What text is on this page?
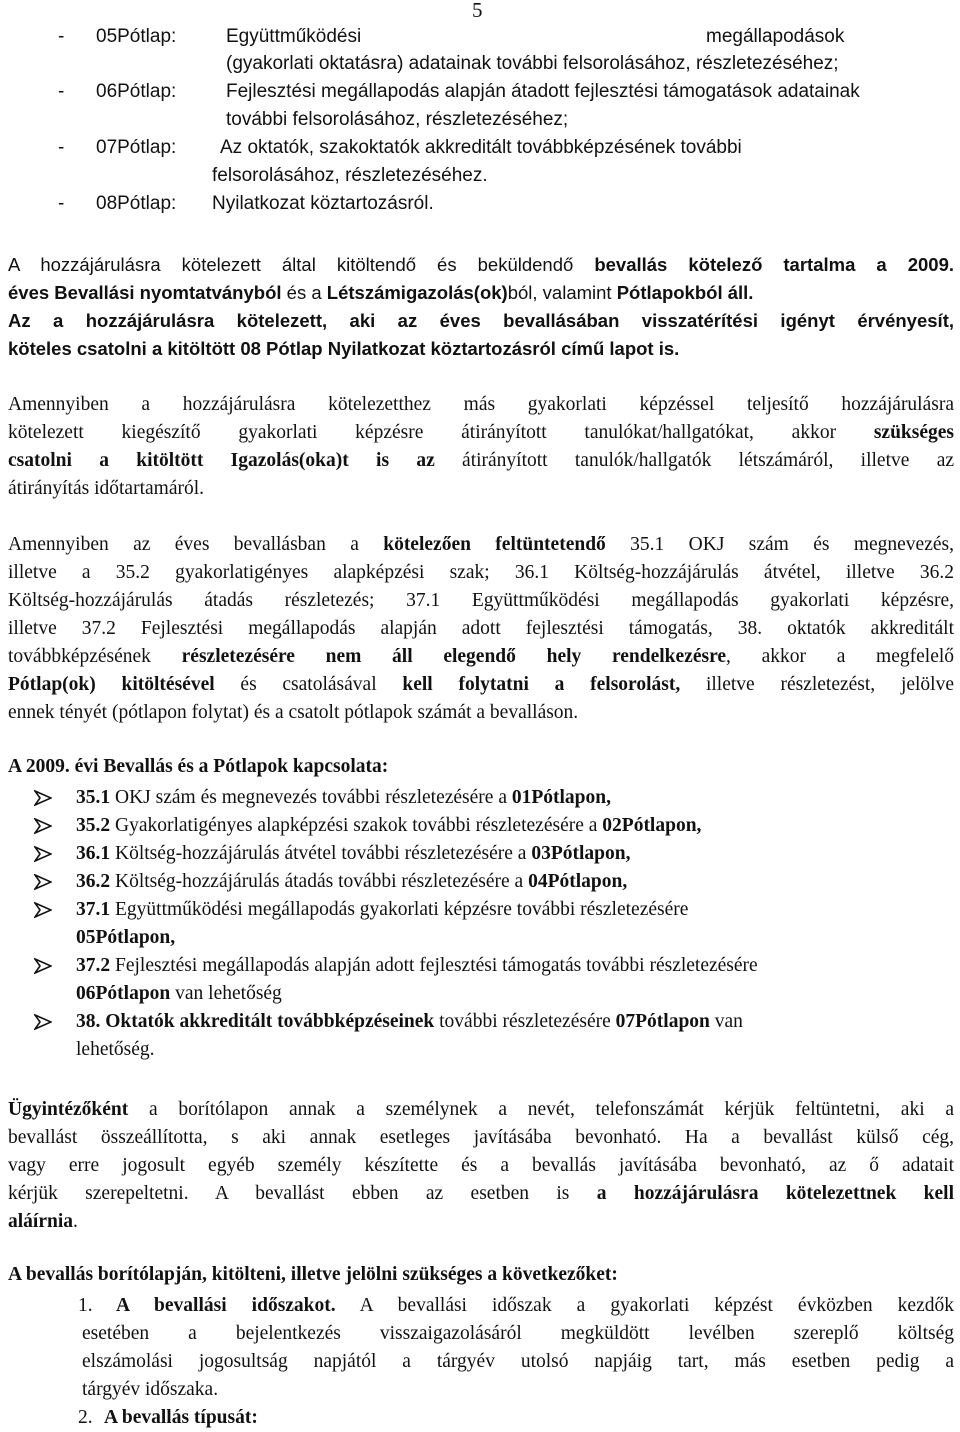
5
- 05Pótlap:	Együttműködési	megállapodások
(gyakorlati oktatásra) adatainak további felsorolásához, részletezéséhez;
- 06Pótlap:	Fejlesztési megállapodás alapján átadott fejlesztési támogatások adatainak
további felsorolásához, részletezéséhez;
- 07Pótlap: Az oktatók, szakoktatók akkreditált továbbképzésének további
felsorolásához, részletezéséhez.
- 08Pótlap: Nyilatkozat köztartozásról.
A hozzájárulásra kötelezett által kitöltendő és beküldendő bevallás kötelező tartalma a 2009.
éves Bevallási nyomtatványból és a Létszámigazolás(ok)ból, valamint Pótlapokból áll.
Az a hozzájárulásra kötelezett, aki az éves bevallásában visszatérítési igényt érvényesít,
köteles csatolni a kitöltött 08 Pótlap Nyilatkozat köztartozásról című lapot is.
Amennyiben a hozzájárulásra kötelezetthez más gyakorlati képzéssel teljesítő hozzájárulásra
kötelezett kiegészítő gyakorlati képzésre átirányított tanulókat/hallgatókat, akkor szükséges
csatolni a kitöltött Igazolás(oka)t is az átirányított tanulók/hallgatók létszámáról, illetve az
átirányítás időtartamáról.
Amennyiben az éves bevallásban a kötelezően feltüntetendő 35.1 OKJ szám és megnevezés,
illetve a 35.2 gyakorlatigényes alapképzési szak; 36.1 Költség-hozzájárulás átvétel, illetve 36.2
Költség-hozzájárulás átadás részletezés; 37.1 Együttműködési megállapodás gyakorlati képzésre,
illetve 37.2 Fejlesztési megállapodás alapján adott fejlesztési támogatás, 38. oktatók akkreditált
továbbképzésének részletezésére nem áll elegendő hely rendelkezésre, akkor a megfelelő
Pótlap(ok) kitöltésével és csatolásával kell folytatni a felsorolást, illetve részletezést, jelölve
ennek tényét (pótlapon folytat) és a csatolt pótlapok számát a bevalláson.
A 2009. évi Bevallás és a Pótlapok kapcsolata:
35.1 OKJ szám és megnevezés további részletezésére a 01Pótlapon,
35.2 Gyakorlatigényes alapképzési szakok további részletezésére a 02Pótlapon,
36.1 Költség-hozzájárulás átvétel további részletezésére a 03Pótlapon,
36.2 Költség-hozzájárulás átadás további részletezésére a 04Pótlapon,
37.1 Együttműködési megállapodás gyakorlati képzésre további részletezésére
05Pótlapon,
37.2 Fejlesztési megállapodás alapján adott fejlesztési támogatás további részletezésére
06Pótlapon van lehetőség
38. Oktatók akkreditált továbbképzéseinek további részletezésére 07Pótlapon van
lehetőség.
Ügyintézőként a borítólapon annak a személynek a nevét, telefonszámát kérjük feltüntetni, aki a
bevallást összeállította, s aki annak esetleges javításába bevonható. Ha a bevallást külső cég,
vagy erre jogosult egyéb személy készítette és a bevallás javításába bevonható, az ő adatait
kérjük szerepeltetni. A bevallást ebben az esetben is a hozzájárulásra kötelezettnek kell
aláírnia.
A bevallás borítólapján, kitölteni, illetve jelölni szükséges a következőket:
1. A bevallási időszakot. A bevallási időszak a gyakorlati képzést évközben kezdők
esetében a bejelentkezés visszaigazolásáról megküldött levélben szereplő költség
elszámolási jogosultság napjától a tárgyév utolsó napjáig tart, más esetben pedig a
tárgyév időszaka.
2. A bevallás típusát:
